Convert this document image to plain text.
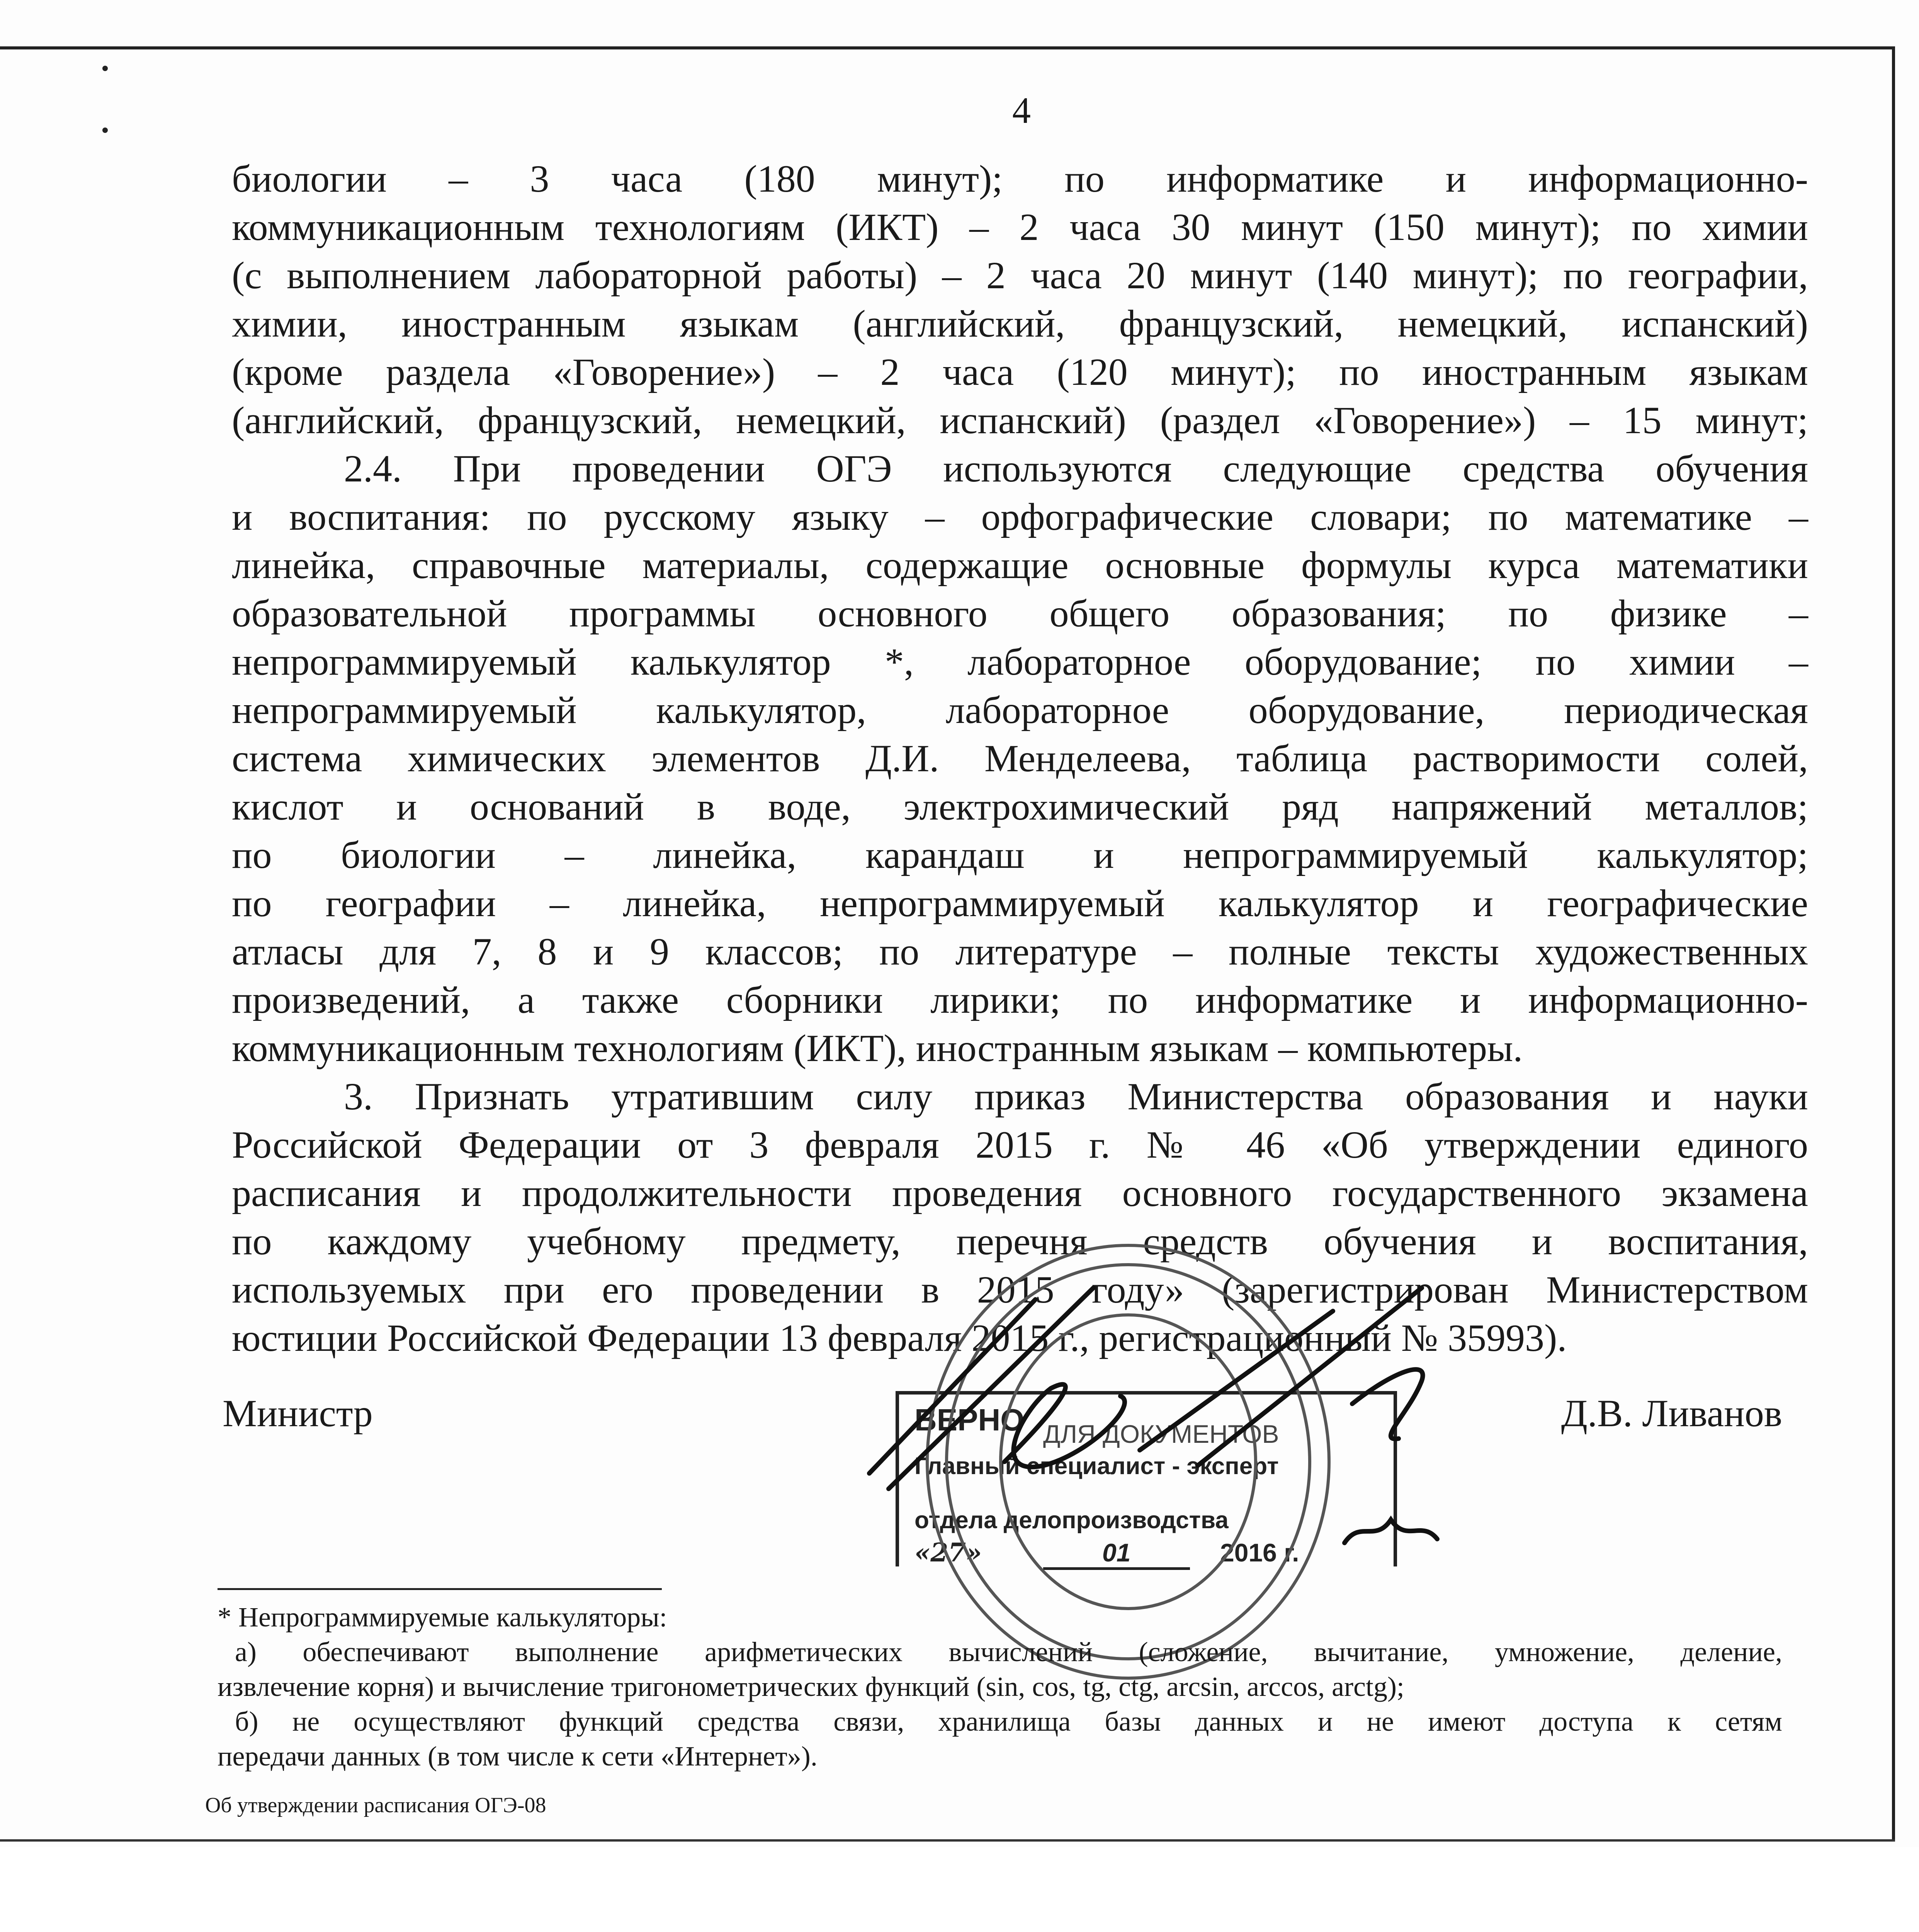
4
биологии – 3 часа (180 минут); по информатике и информационно-
коммуникационным технологиям (ИКТ) – 2 часа 30 минут (150 минут); по химии
(с выполнением лабораторной работы) – 2 часа 20 минут (140 минут); по географии,
химии, иностранным языкам (английский, французский, немецкий, испанский)
(кроме раздела «Говорение») – 2 часа (120 минут); по иностранным языкам
(английский, французский, немецкий, испанский) (раздел «Говорение») – 15 минут;
2.4. При проведении ОГЭ используются следующие средства обучения
и воспитания: по русскому языку – орфографические словари; по математике –
линейка, справочные материалы, содержащие основные формулы курса математики
образовательной программы основного общего образования; по физике –
непрограммируемый калькулятор *, лабораторное оборудование; по химии –
непрограммируемый калькулятор, лабораторное оборудование, периодическая
система химических элементов Д.И. Менделеева, таблица растворимости солей,
кислот и оснований в воде, электрохимический ряд напряжений металлов;
по биологии – линейка, карандаш и непрограммируемый калькулятор;
по географии – линейка, непрограммируемый калькулятор и географические
атласы для 7, 8 и 9 классов; по литературе – полные тексты художественных
произведений, а также сборники лирики; по информатике и информационно-
коммуникационным технологиям (ИКТ), иностранным языкам – компьютеры.
3. Признать утратившим силу приказ Министерства образования и науки
Российской Федерации от 3 февраля 2015 г. № 46 «Об утверждении единого
расписания и продолжительности проведения основного государственного экзамена
по каждому учебному предмету, перечня средств обучения и воспитания,
используемых при его проведении в 2015 году» (зарегистрирован Министерством
юстиции Российской Федерации 13 февраля 2015 г., регистрационный № 35993).
Министр	Д.В. Ливанов
ВЕРНО
Главный специалист - эксперт
отдела делопроизводства
«27»	01	2016 г.
ДЛЯ ДОКУМЕНТОВ
* Непрограммируемые калькуляторы:
а) обеспечивают выполнение арифметических вычислений (сложение, вычитание, умножение, деление,
извлечение корня) и вычисление тригонометрических функций (sin, cos, tg, ctg, arcsin, arccos, arctg);
б) не осуществляют функций средства связи, хранилища базы данных и не имеют доступа к сетям
передачи данных (в том числе к сети «Интернет»).
Об утверждении расписания ОГЭ-08
